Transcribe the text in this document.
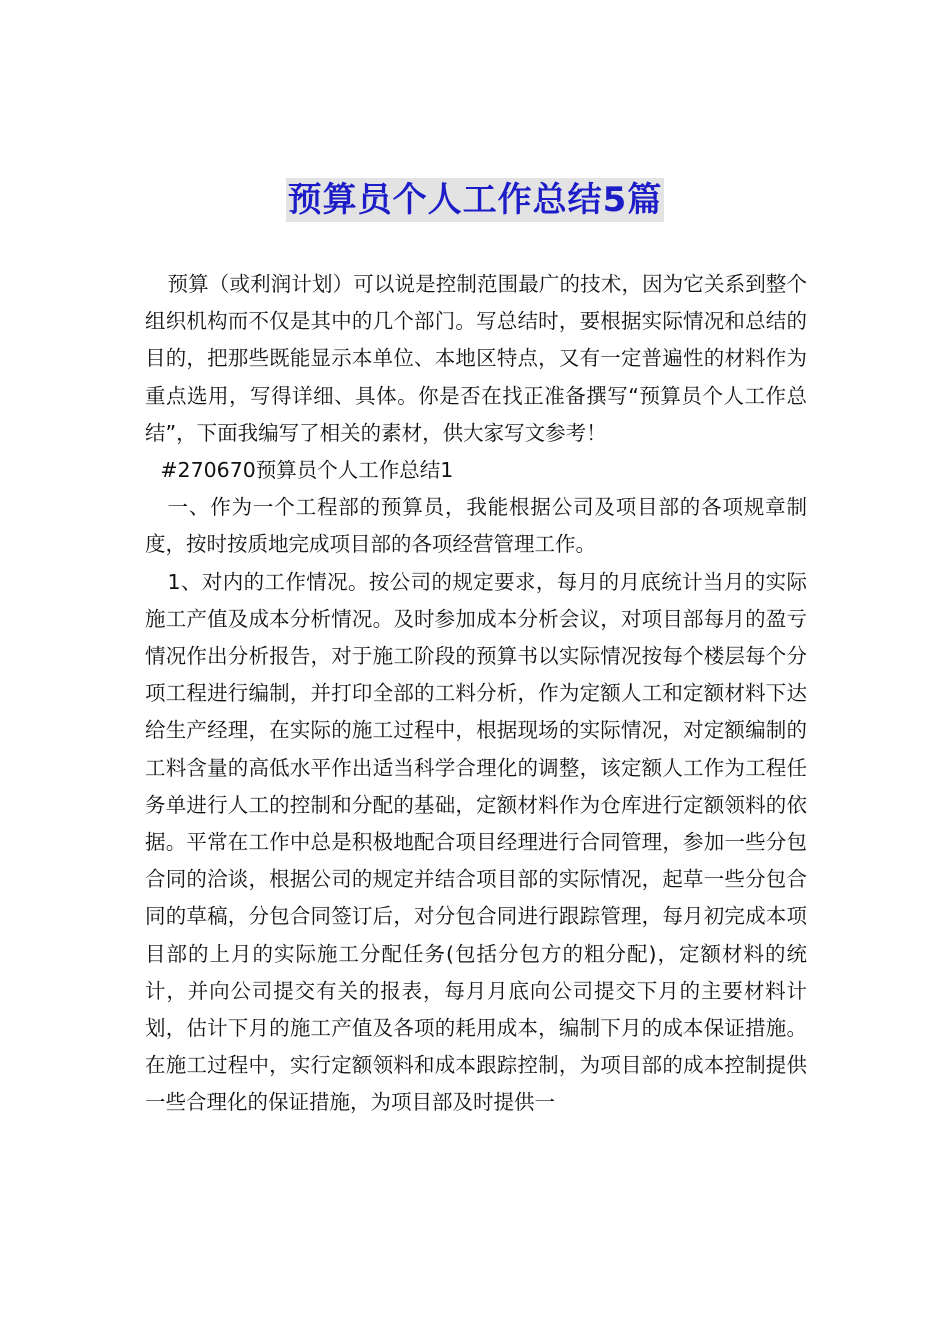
预算员个人工作总结5篇

预算（或利润计划）可以说是控制范围最广的技术，因为它关系到整个组织机构而不仅是其中的几个部门。写总结时，要根据实际情况和总结的目的，把那些既能显示本单位、本地区特点，又有一定普遍性的材料作为重点选用，写得详细、具体。你是否在找正准备撰写“预算员个人工作总结”，下面我编写了相关的素材，供大家写文参考！

#270670预算员个人工作总结1

一、作为一个工程部的预算员，我能根据公司及项目部的各项规章制度，按时按质地完成项目部的各项经营管理工作。

1、对内的工作情况。按公司的规定要求，每月的月底统计当月的实际施工产值及成本分析情况。及时参加成本分析会议，对项目部每月的盈亏情况作出分析报告，对于施工阶段的预算书以实际情况按每个楼层每个分项工程进行编制，并打印全部的工料分析，作为定额人工和定额材料下达给生产经理，在实际的施工过程中，根据现场的实际情况，对定额编制的工料含量的高低水平作出适当科学合理化的调整，该定额人工作为工程任务单进行人工的控制和分配的基础，定额材料作为仓库进行定额领料的依据。平常在工作中总是积极地配合项目经理进行合同管理，参加一些分包合同的洽谈，根据公司的规定并结合项目部的实际情况，起草一些分包合同的草稿，分包合同签订后，对分包合同进行跟踪管理，每月初完成本项目部的上月的实际施工分配任务(包括分包方的粗分配)，定额材料的统计，并向公司提交有关的报表，每月月底向公司提交下月的主要材料计划，估计下月的施工产值及各项的耗用成本，编制下月的成本保证措施。在施工过程中，实行定额领料和成本跟踪控制，为项目部的成本控制提供一些合理化的保证措施，为项目部及时提供一
